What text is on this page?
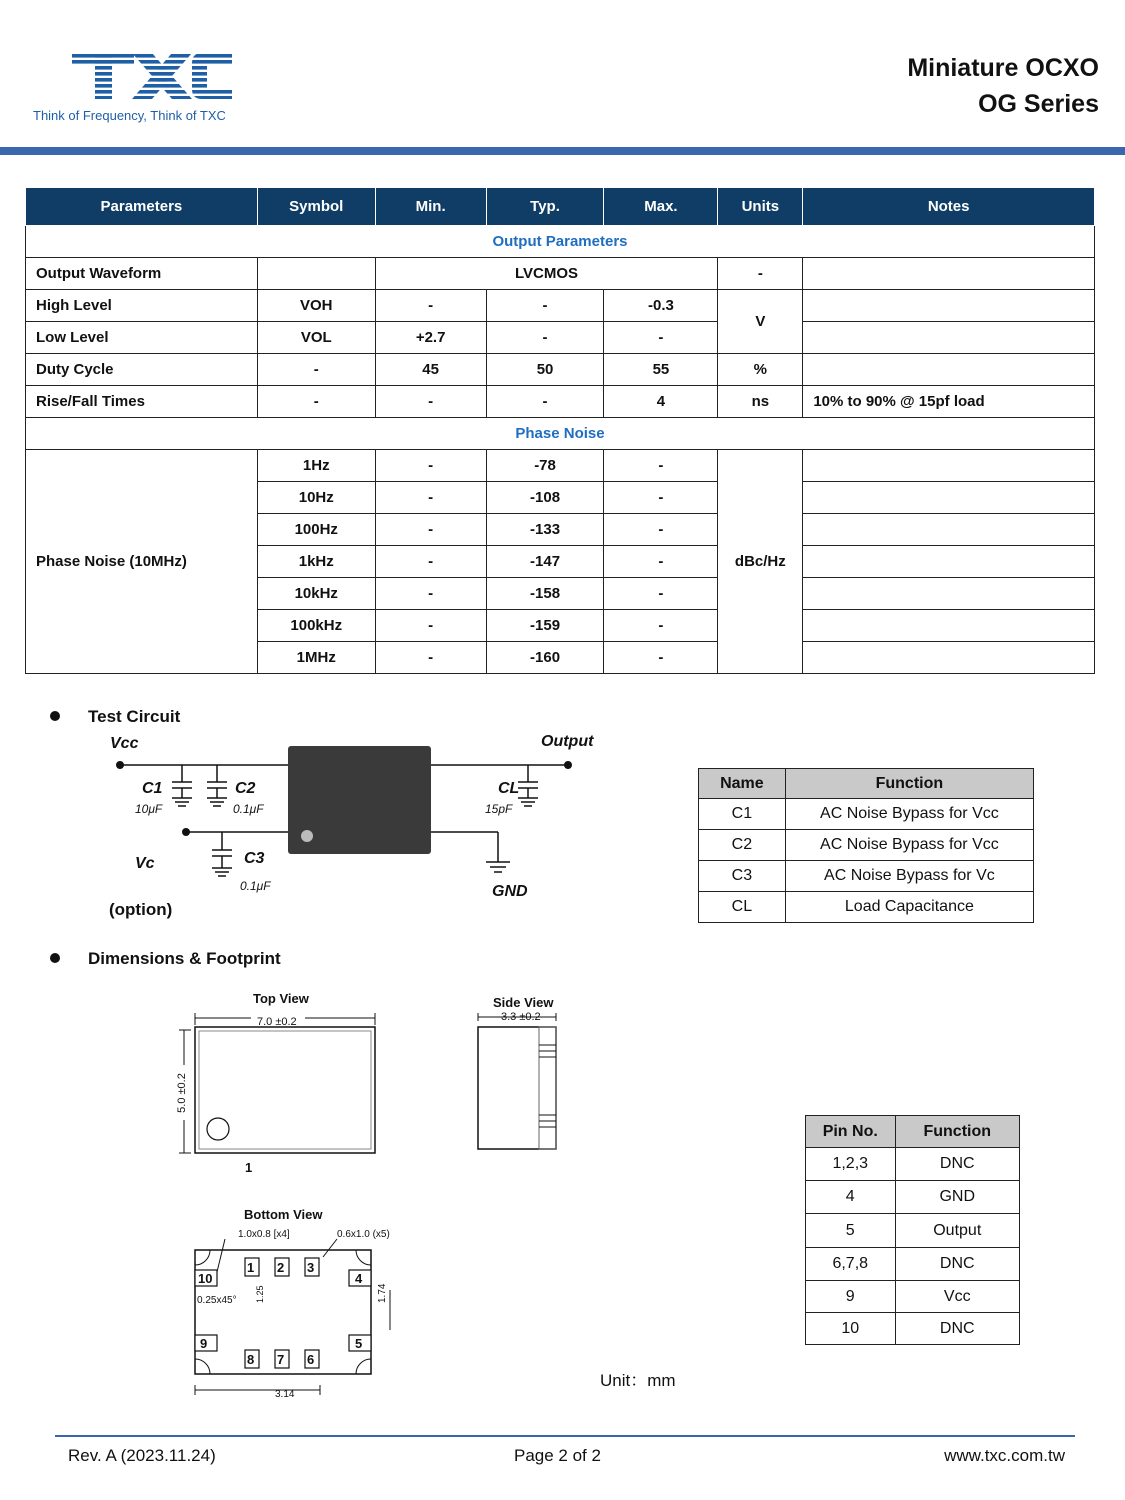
Think of Frequency, Think of TXC
Miniature OCXO
OG Series
Parameters	Symbol	Min.	Typ.	Max.	Units	Notes
Output Parameters						
Output Waveform		LVCMOS			-	
High Level	VOH	-	-	-0.3	V	
Low Level	VOL	+2.7	-	-		
Duty Cycle	-	45	50	55	%	
Rise/Fall Times	-	-	-	4	ns	10% to 90% @ 15pf load
Phase Noise						
Phase Noise (10MHz)	1Hz	-	-78	-	dBc/Hz	
	10Hz	-	-108	-		
	100Hz	-	-133	-		
	1kHz	-	-147	-		
	10kHz	-	-158	-		
	100kHz	-	-159	-		
	1MHz	-	-160	-		
Test Circuit
Vcc	Output
C1	C2	CL
Vc	C3
GND
10μF	0.1μF	15pF
0.1μF
(option)
Name	Function
C1	AC Noise Bypass for Vcc
C2	AC Noise Bypass for Vcc
C3	AC Noise Bypass for Vc
CL	Load Capacitance
Dimensions & Footprint
Top View
7.0 ±0.2
5.0 ±0.2
1
Side View
3.3 ±0.2
Bottom View
1.0x0.8 [x4]	0.6x1.0 (x5)
0.25x45° 1.25	1.74
3.14
1 2 3
4
5
6
7
8
9
10
Pin No.	Function
1,2,3	DNC
4	GND
5	Output
6,7,8	DNC
9	Vcc
10	DNC
Unit：mm
Rev. A (2023.11.24)	Page 2 of 2	www.txc.com.tw
